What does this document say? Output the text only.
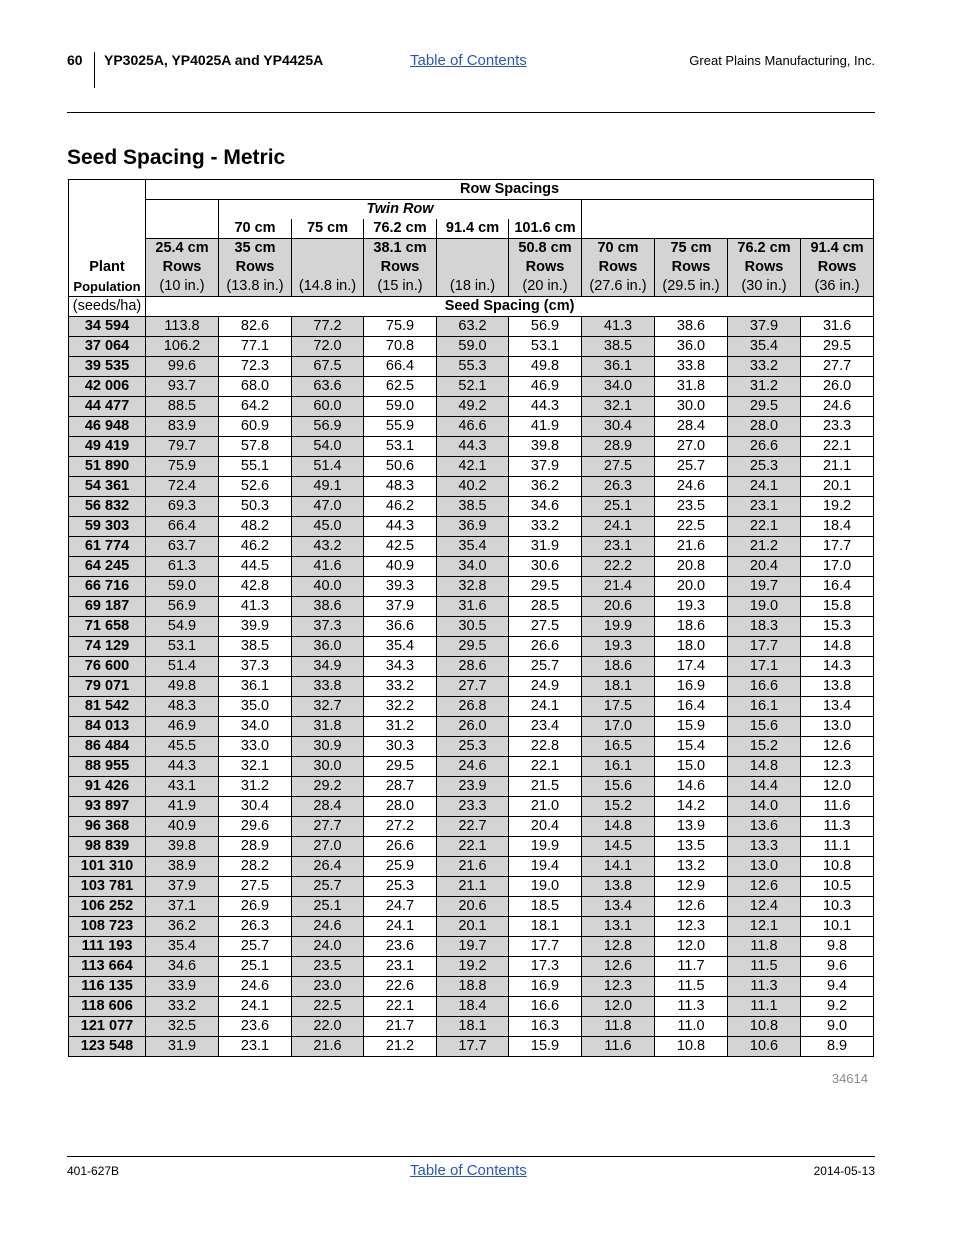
60 YP3025A, YP4025A and YP4425A	Table of Contents	Great Plains Manufacturing, Inc.
Seed Spacing - Metric
	Row Spacings									
		Twin Row								
		70 cm	75 cm	76.2 cm	91.4 cm	101.6 cm				
	25.4 cm	35 cm		38.1 cm		50.8 cm	70 cm	75 cm	76.2 cm	91.4 cm
Plant	Rows	Rows		Rows		Rows	Rows	Rows	Rows	Rows
Population	(10 in.)	(13.8 in.)	(14.8 in.)	(15 in.)	(18 in.)	(20 in.)	(27.6 in.)	(29.5 in.)	(30 in.)	(36 in.)
(seeds/ha)	Seed Spacing (cm)									
34 594	113.8	82.6	77.2	75.9	63.2	56.9	41.3	38.6	37.9	31.6
37 064	106.2	77.1	72.0	70.8	59.0	53.1	38.5	36.0	35.4	29.5
39 535	99.6	72.3	67.5	66.4	55.3	49.8	36.1	33.8	33.2	27.7
42 006	93.7	68.0	63.6	62.5	52.1	46.9	34.0	31.8	31.2	26.0
44 477	88.5	64.2	60.0	59.0	49.2	44.3	32.1	30.0	29.5	24.6
46 948	83.9	60.9	56.9	55.9	46.6	41.9	30.4	28.4	28.0	23.3
49 419	79.7	57.8	54.0	53.1	44.3	39.8	28.9	27.0	26.6	22.1
51 890	75.9	55.1	51.4	50.6	42.1	37.9	27.5	25.7	25.3	21.1
54 361	72.4	52.6	49.1	48.3	40.2	36.2	26.3	24.6	24.1	20.1
56 832	69.3	50.3	47.0	46.2	38.5	34.6	25.1	23.5	23.1	19.2
59 303	66.4	48.2	45.0	44.3	36.9	33.2	24.1	22.5	22.1	18.4
61 774	63.7	46.2	43.2	42.5	35.4	31.9	23.1	21.6	21.2	17.7
64 245	61.3	44.5	41.6	40.9	34.0	30.6	22.2	20.8	20.4	17.0
66 716	59.0	42.8	40.0	39.3	32.8	29.5	21.4	20.0	19.7	16.4
69 187	56.9	41.3	38.6	37.9	31.6	28.5	20.6	19.3	19.0	15.8
71 658	54.9	39.9	37.3	36.6	30.5	27.5	19.9	18.6	18.3	15.3
74 129	53.1	38.5	36.0	35.4	29.5	26.6	19.3	18.0	17.7	14.8
76 600	51.4	37.3	34.9	34.3	28.6	25.7	18.6	17.4	17.1	14.3
79 071	49.8	36.1	33.8	33.2	27.7	24.9	18.1	16.9	16.6	13.8
81 542	48.3	35.0	32.7	32.2	26.8	24.1	17.5	16.4	16.1	13.4
84 013	46.9	34.0	31.8	31.2	26.0	23.4	17.0	15.9	15.6	13.0
86 484	45.5	33.0	30.9	30.3	25.3	22.8	16.5	15.4	15.2	12.6
88 955	44.3	32.1	30.0	29.5	24.6	22.1	16.1	15.0	14.8	12.3
91 426	43.1	31.2	29.2	28.7	23.9	21.5	15.6	14.6	14.4	12.0
93 897	41.9	30.4	28.4	28.0	23.3	21.0	15.2	14.2	14.0	11.6
96 368	40.9	29.6	27.7	27.2	22.7	20.4	14.8	13.9	13.6	11.3
98 839	39.8	28.9	27.0	26.6	22.1	19.9	14.5	13.5	13.3	11.1
101 310	38.9	28.2	26.4	25.9	21.6	19.4	14.1	13.2	13.0	10.8
103 781	37.9	27.5	25.7	25.3	21.1	19.0	13.8	12.9	12.6	10.5
106 252	37.1	26.9	25.1	24.7	20.6	18.5	13.4	12.6	12.4	10.3
108 723	36.2	26.3	24.6	24.1	20.1	18.1	13.1	12.3	12.1	10.1
111 193	35.4	25.7	24.0	23.6	19.7	17.7	12.8	12.0	11.8	9.8
113 664	34.6	25.1	23.5	23.1	19.2	17.3	12.6	11.7	11.5	9.6
116 135	33.9	24.6	23.0	22.6	18.8	16.9	12.3	11.5	11.3	9.4
118 606	33.2	24.1	22.5	22.1	18.4	16.6	12.0	11.3	11.1	9.2
121 077	32.5	23.6	22.0	21.7	18.1	16.3	11.8	11.0	10.8	9.0
123 548	31.9	23.1	21.6	21.2	17.7	15.9	11.6	10.8	10.6	8.9
34614
401-627B	Table of Contents	2014-05-13
